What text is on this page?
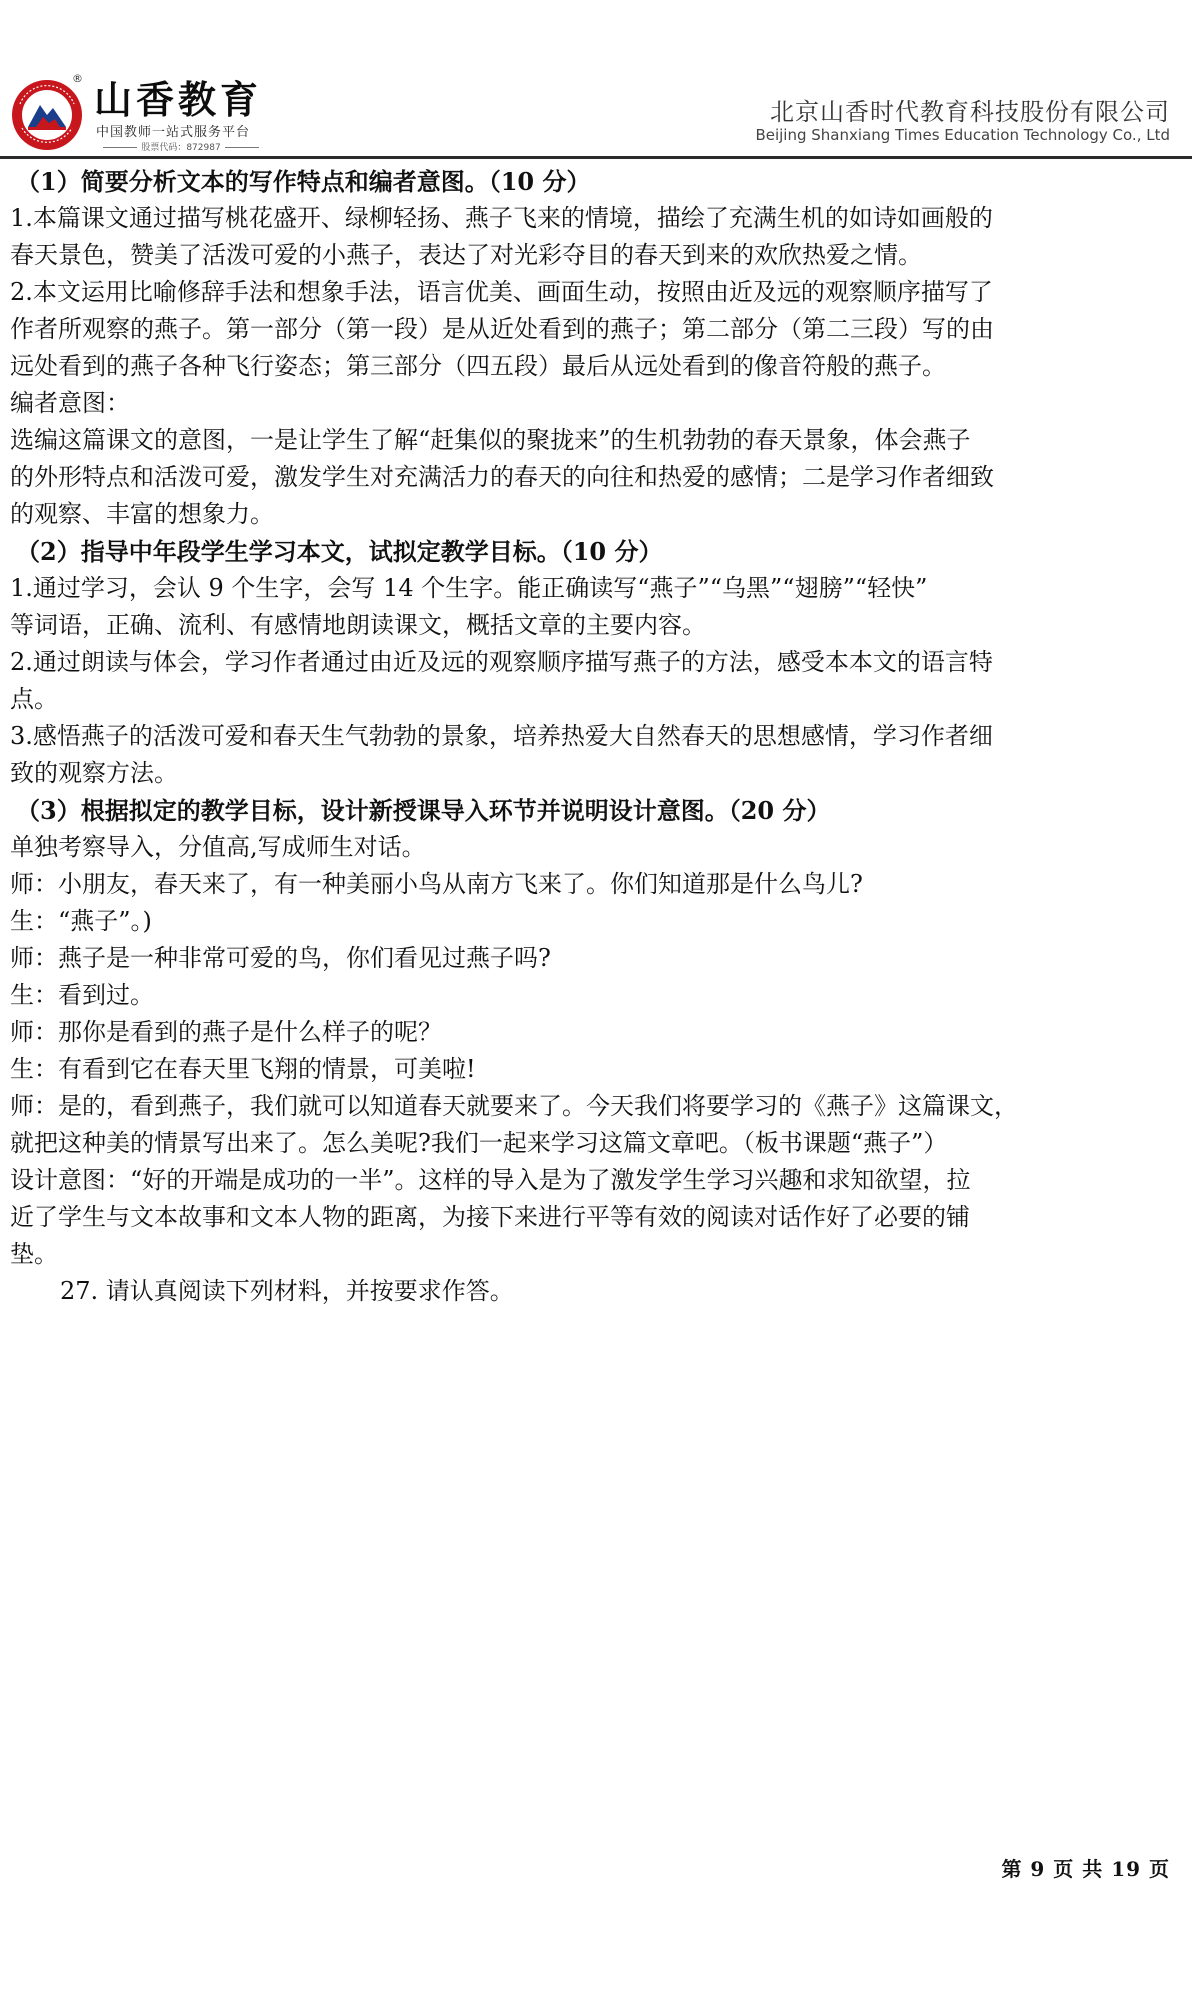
® 山香教育
中国教师一站式服务平台
股票代码：872987
北京山香时代教育科技股份有限公司
Beijing Shanxiang Times Education Technology Co., Ltd

（1）简要分析文本的写作特点和编者意图。（10 分）

1.本篇课文通过描写桃花盛开、绿柳轻扬、燕子飞来的情境，描绘了充满生机的如诗如画般的

春天景色，赞美了活泼可爱的小燕子，表达了对光彩夺目的春天到来的欢欣热爱之情。

2.本文运用比喻修辞手法和想象手法，语言优美、画面生动，按照由近及远的观察顺序描写了

作者所观察的燕子。第一部分（第一段）是从近处看到的燕子；第二部分（第二三段）写的由

远处看到的燕子各种飞行姿态；第三部分（四五段）最后从远处看到的像音符般的燕子。

编者意图：

选编这篇课文的意图，一是让学生了解“赶集似的聚拢来”的生机勃勃的春天景象，体会燕子

的外形特点和活泼可爱，激发学生对充满活力的春天的向往和热爱的感情；二是学习作者细致

的观察、丰富的想象力。

（2）指导中年段学生学习本文，试拟定教学目标。（10 分）

1.通过学习，会认 9 个生字，会写 14 个生字。能正确读写“燕子”“乌黑”“翅膀”“轻快”

等词语，正确、流利、有感情地朗读课文，概括文章的主要内容。

2.通过朗读与体会，学习作者通过由近及远的观察顺序描写燕子的方法，感受本本文的语言特

点。

3.感悟燕子的活泼可爱和春天生气勃勃的景象，培养热爱大自然春天的思想感情，学习作者细

致的观察方法。

（3）根据拟定的教学目标，设计新授课导入环节并说明设计意图。（20 分）

单独考察导入，分值高,写成师生对话。

师：小朋友，春天来了，有一种美丽小鸟从南方飞来了。你们知道那是什么鸟儿?

生：“燕子”。)

师：燕子是一种非常可爱的鸟，你们看见过燕子吗?

生：看到过。

师：那你是看到的燕子是什么样子的呢？

生：有看到它在春天里飞翔的情景，可美啦!

师：是的，看到燕子，我们就可以知道春天就要来了。今天我们将要学习的《燕子》这篇课文，

就把这种美的情景写出来了。怎么美呢?我们一起来学习这篇文章吧。（板书课题“燕子”）

设计意图：“好的开端是成功的一半”。这样的导入是为了激发学生学习兴趣和求知欲望，拉

近了学生与文本故事和文本人物的距离，为接下来进行平等有效的阅读对话作好了必要的铺

垫。

27. 请认真阅读下列材料，并按要求作答。

第 9 页 共 19 页
